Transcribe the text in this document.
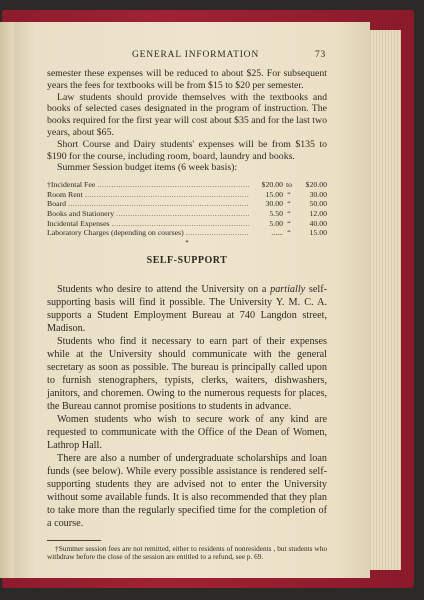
GENERAL INFORMATION	73

semester these expenses will be reduced to about $25. For subsequent years the fees for textbooks will be from $15 to $20 per semester.

Law students should provide themselves with the textbooks and books of selected cases designated in the program of instruction. The books required for the first year will cost about $35 and for the last two years, about $65.

Short Course and Dairy students' expenses will be from $135 to $190 for the course, including room, board, laundry and books.

Summer Session budget items (6 week basis):

†Incidental Fee .....	$20.00 to	$20.00
Room Rent .....	15.00 “	30.00
Board .....	30.00 “	50.00
Books and Stationery .....	5.50 “	12.00
Incidental Expenses .....	5.00 “	40.00
Laboratory Charges (depending on courses) .....	...... “	15.00
*
SELF-SUPPORT

Students who desire to attend the University on a partially self-supporting basis will find it possible. The University Y. M. C. A. supports a Student Employment Bureau at 740 Langdon street, Madison.

Students who find it necessary to earn part of their expenses while at the University should communicate with the general secretary as soon as possible. The bureau is principally called upon to furnish stenographers, typists, clerks, waiters, dishwashers, janitors, and choremen. Owing to the numerous requests for places, the Bureau cannot promise positions to students in advance.

Women students who wish to secure work of any kind are requested to communicate with the Office of the Dean of Women, Lathrop Hall.

There are also a number of undergraduate scholarships and loan funds (see below). While every possible assistance is rendered self-supporting students they are advised not to enter the University without some available funds. It is also recommended that they plan to take more than the regularly specified time for the completion of a course.

†Summer session fees are not remitted, either to residents of nonresidents , but students who withdraw before the close of the session are entitled to a refund, see p. 69.
